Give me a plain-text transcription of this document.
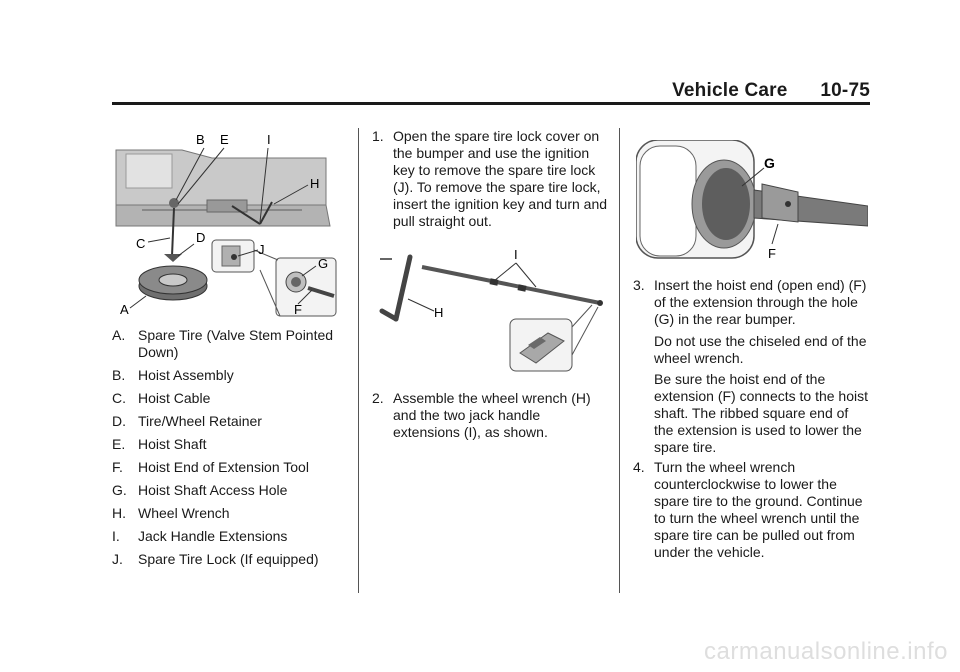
Vehicle Care 10-75
B E	I
H
C	D
J
G
F
A
A. Spare Tire (Valve Stem Pointed Down)
B. Hoist Assembly
C. Hoist Cable
D. Tire/Wheel Retainer
E. Hoist Shaft
F. Hoist End of Extension Tool
G. Hoist Shaft Access Hole
H. Wheel Wrench
I. Jack Handle Extensions
J. Spare Tire Lock (If equipped)
1. Open the spare tire lock cover on the bumper and use the ignition key to remove the spare tire lock (J). To remove the spare tire lock, insert the ignition key and turn and pull straight out.
I
H
2. Assemble the wheel wrench (H) and the two jack handle extensions (I), as shown.
G
F
3. Insert the hoist end (open end) (F) of the extension through the hole (G) in the rear bumper.
Do not use the chiseled end of the wheel wrench.
Be sure the hoist end of the extension (F) connects to the hoist shaft. The ribbed square end of the extension is used to lower the spare tire.
4. Turn the wheel wrench counterclockwise to lower the spare tire to the ground. Continue to turn the wheel wrench until the spare tire can be pulled out from under the vehicle.
carmanualsonline.info
